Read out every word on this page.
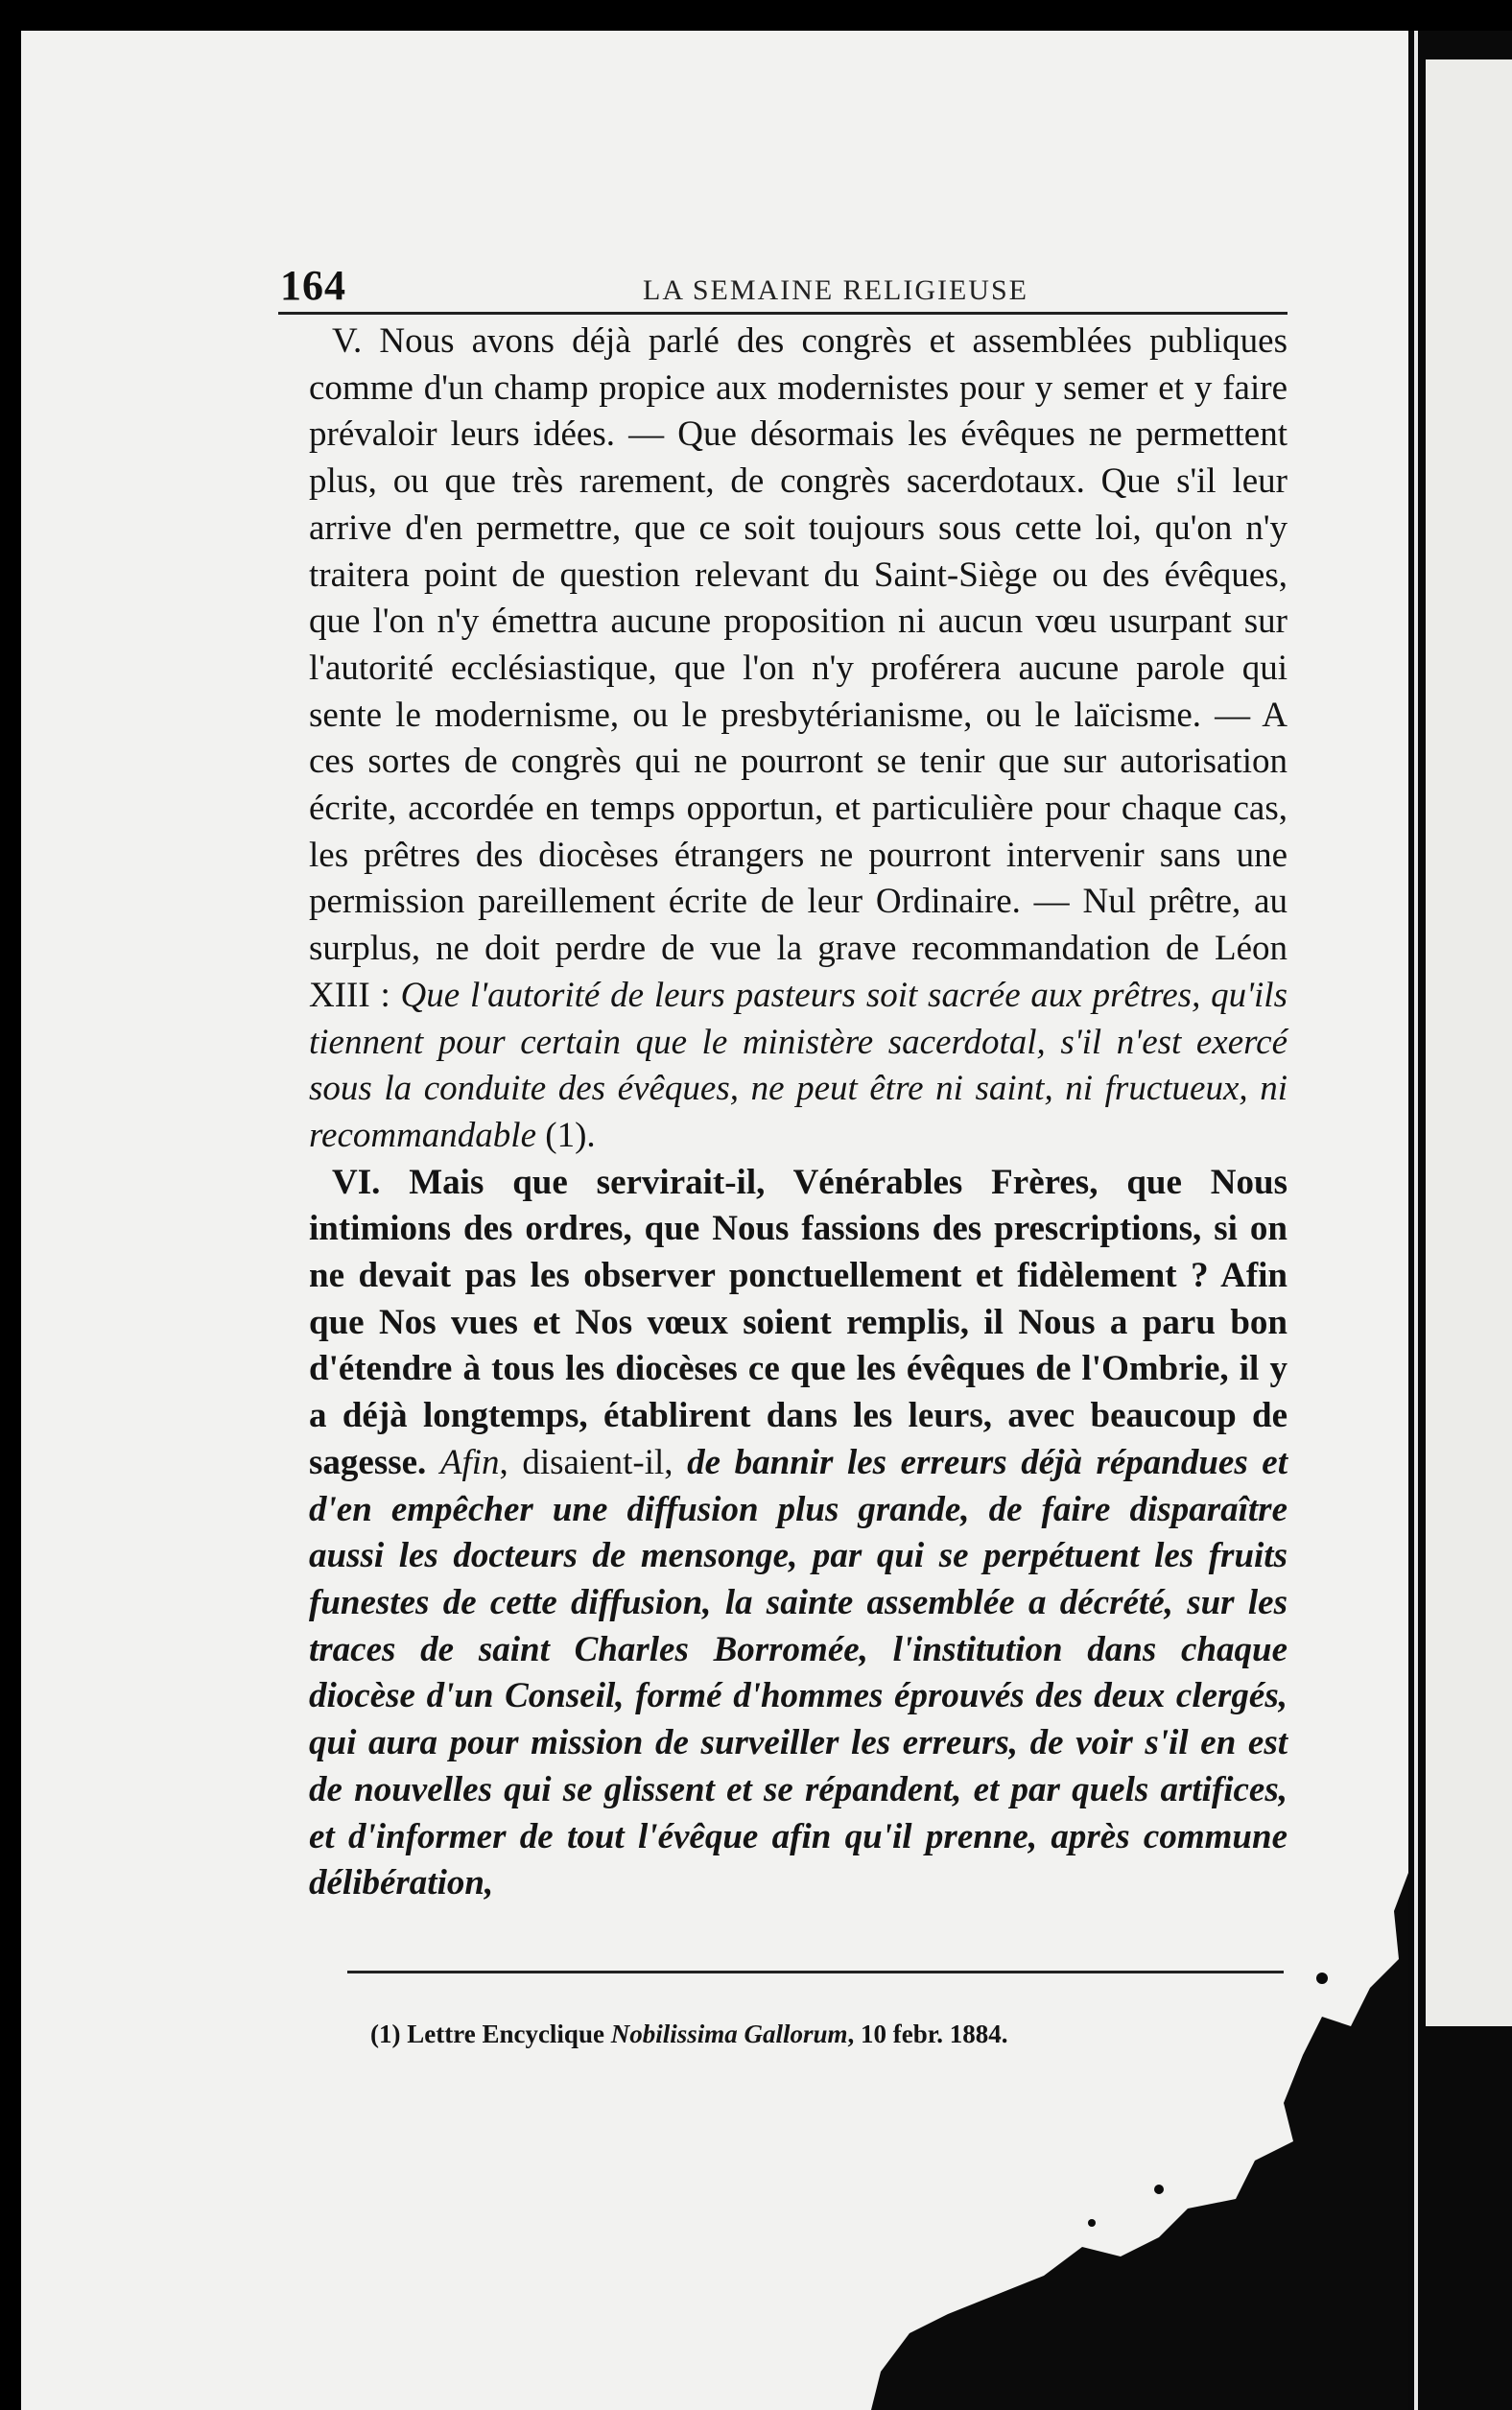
164	LA SEMAINE RELIGIEUSE

V. Nous avons déjà parlé des congrès et assemblées publiques comme d'un champ propice aux modernistes pour y semer et y faire prévaloir leurs idées. — Que désormais les évêques ne permettent plus, ou que très rarement, de congrès sacerdotaux. Que s'il leur arrive d'en permettre, que ce soit toujours sous cette loi, qu'on n'y traitera point de question relevant du Saint-Siège ou des évêques, que l'on n'y émettra aucune proposition ni aucun vœu usurpant sur l'autorité ecclésiastique, que l'on n'y proférera aucune parole qui sente le modernisme, ou le presbytérianisme, ou le laïcisme. — A ces sortes de congrès qui ne pourront se tenir que sur autorisation écrite, accordée en temps opportun, et particulière pour chaque cas, les prêtres des diocèses étrangers ne pourront intervenir sans une permission pareillement écrite de leur Ordinaire. — Nul prêtre, au surplus, ne doit perdre de vue la grave recommandation de Léon XIII : Que l'autorité de leurs pasteurs soit sacrée aux prêtres, qu'ils tiennent pour certain que le ministère sacerdotal, s'il n'est exercé sous la conduite des évêques, ne peut être ni saint, ni fructueux, ni recommandable (1).

VI. Mais que servirait-il, Vénérables Frères, que Nous intimions des ordres, que Nous fassions des prescriptions, si on ne devait pas les observer ponctuellement et fidèlement ? Afin que Nos vues et Nos vœux soient remplis, il Nous a paru bon d'étendre à tous les diocèses ce que les évêques de l'Ombrie, il y a déjà longtemps, établirent dans les leurs, avec beaucoup de sagesse. Afin, disaient-il, de bannir les erreurs déjà répandues et d'en empêcher une diffusion plus grande, de faire disparaître aussi les docteurs de mensonge, par qui se perpétuent les fruits funestes de cette diffusion, la sainte assemblée a décrété, sur les traces de saint Charles Borromée, l'institution dans chaque diocèse d'un Conseil, formé d'hommes éprouvés des deux clergés, qui aura pour mission de surveiller les erreurs, de voir s'il en est de nouvelles qui se glissent et se répandent, et par quels artifices, et d'informer de tout l'évêque afin qu'il prenne, après commune délibération,

(1) Lettre Encyclique Nobilissima Gallorum, 10 febr. 1884.
